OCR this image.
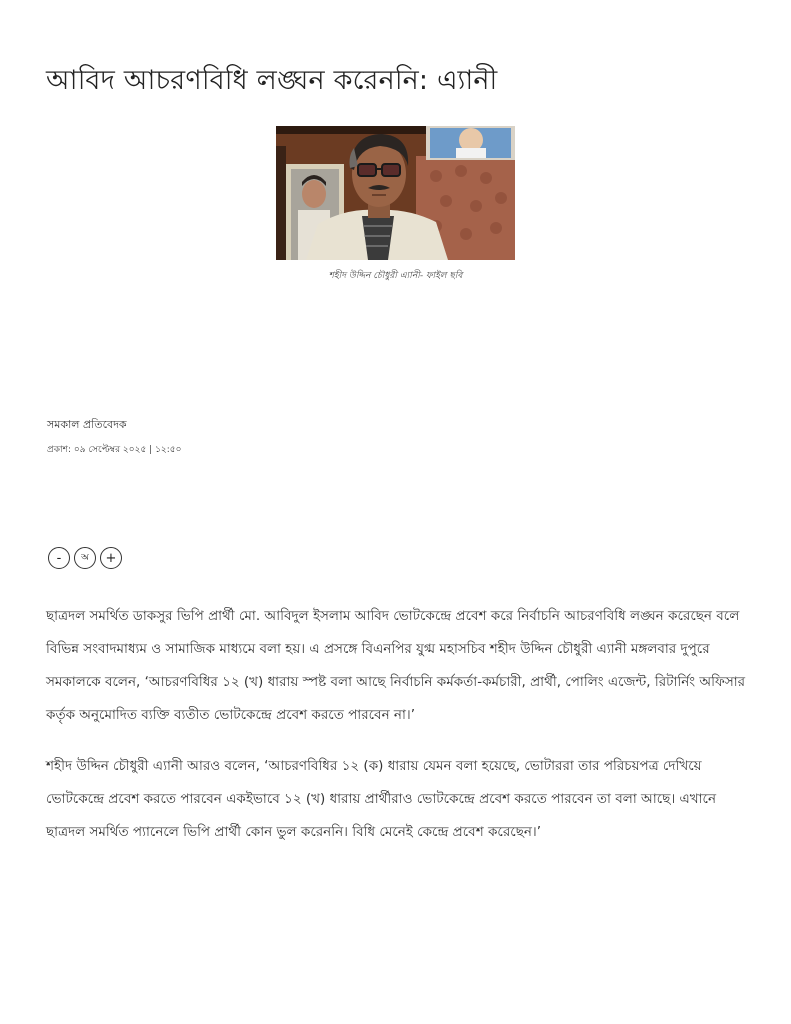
আবিদ আচরণবিধি লঙ্ঘন করেননি: এ্যানী
শহীদ উদ্দিন চৌধুরী এ্যানী- ফাইল ছবি
সমকাল প্রতিবেদক
প্রকাশ: ০৯ সেপ্টেম্বর ২০২৫ | ১২:৫০
-	অ	+

ছাত্রদল সমর্থিত ডাকসুর ভিপি প্রার্থী মো. আবিদুল ইসলাম আবিদ ভোটকেন্দ্রে প্রবেশ করে নির্বাচনি আচরণবিধি লঙ্ঘন করেছেন বলে বিভিন্ন সংবাদমাধ্যম ও সামাজিক মাধ্যমে বলা হয়। এ প্রসঙ্গে বিএনপির যুগ্ম মহাসচিব শহীদ উদ্দিন চৌধুরী এ্যানী মঙ্গলবার দুপুরে সমকালকে বলেন, ‘আচরণবিধির ১২ (খ) ধারায় স্পষ্ট বলা আছে নির্বাচনি কর্মকর্তা-কর্মচারী, প্রার্থী, পোলিং এজেন্ট, রিটার্নিং অফিসার কর্তৃক অনুমোদিত ব্যক্তি ব্যতীত ভোটকেন্দ্রে প্রবেশ করতে পারবেন না।’

শহীদ উদ্দিন চৌধুরী এ্যানী আরও বলেন, ‘আচরণবিধির ১২ (ক) ধারায় যেমন বলা হয়েছে, ভোটাররা তার পরিচয়পত্র দেখিয়ে ভোটকেন্দ্রে প্রবেশ করতে পারবেন একইভাবে ১২ (খ) ধারায় প্রার্থীরাও ভোটকেন্দ্রে প্রবেশ করতে পারবেন তা বলা আছে। এখানে ছাত্রদল সমর্থিত প্যানেলে ভিপি প্রার্থী কোন ভুল করেননি। বিধি মেনেই কেন্দ্রে প্রবেশ করেছেন।’
